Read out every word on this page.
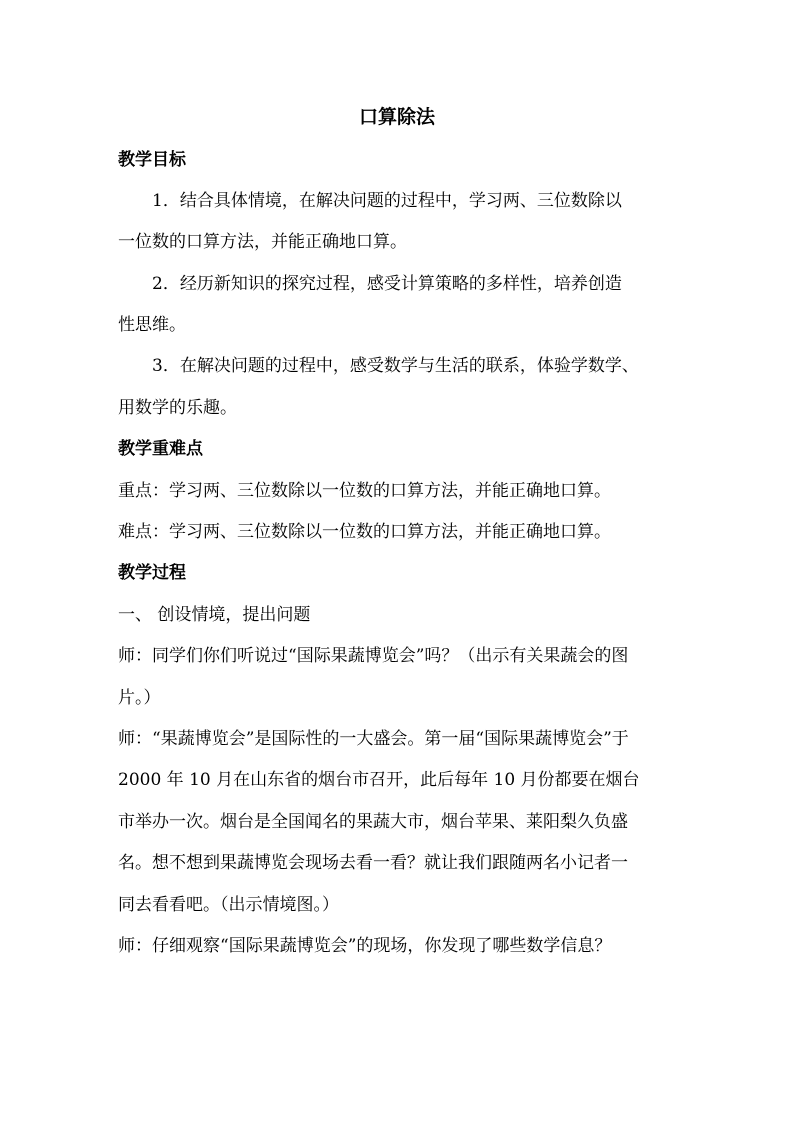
口算除法
教学目标
1．结合具体情境，在解决问题的过程中，学习两、三位数除以
一位数的口算方法，并能正确地口算。
2．经历新知识的探究过程，感受计算策略的多样性，培养创造
性思维。
3．在解决问题的过程中，感受数学与生活的联系，体验学数学、
用数学的乐趣。
教学重难点
重点：学习两、三位数除以一位数的口算方法，并能正确地口算。
难点：学习两、三位数除以一位数的口算方法，并能正确地口算。
教学过程
一、 创设情境，提出问题
师：同学们你们听说过“国际果蔬博览会”吗？（出示有关果蔬会的图
片。）
师：“果蔬博览会”是国际性的一大盛会。第一届“国际果蔬博览会”于
2000 年 10 月在山东省的烟台市召开，此后每年 10 月份都要在烟台
市举办一次。烟台是全国闻名的果蔬大市，烟台苹果、莱阳梨久负盛
名。想不想到果蔬博览会现场去看一看？就让我们跟随两名小记者一
同去看看吧。（出示情境图。）
师：仔细观察“国际果蔬博览会”的现场，你发现了哪些数学信息？
